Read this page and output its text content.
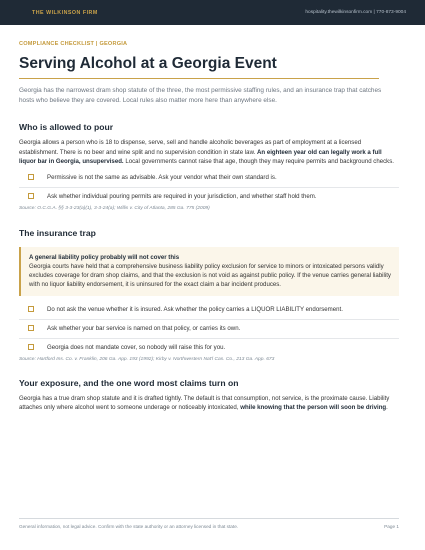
THE WILKINSON FIRM	hospitality.thewilkinsonfirm.com | 770-873-9004
COMPLIANCE CHECKLIST | GEORGIA
Serving Alcohol at a Georgia Event

Georgia has the narrowest dram shop statute of the three, the most permissive staffing rules, and an insurance trap that catches hosts who believe they are covered. Local rules also matter more here than anywhere else.

Who is allowed to pour

Georgia allows a person who is 18 to dispense, serve, sell and handle alcoholic beverages as part of employment at a licensed establishment. There is no beer and wine split and no supervision condition in state law. An eighteen year old can legally work a full liquor bar in Georgia, unsupervised. Local governments cannot raise that age, though they may require permits and background checks.

Permissive is not the same as advisable. Ask your vendor what their own standard is.
Ask whether individual pouring permits are required in your jurisdiction, and whether staff hold them.
Source: O.C.G.A. §§ 3-3-23(a)(1), 3-3-24(a); Willis v. City of Atlanta, 285 Ga. 775 (2009)
The insurance trap
A general liability policy probably will not cover this
Georgia courts have held that a comprehensive business liability policy exclusion for service to minors or intoxicated persons validly excludes coverage for dram shop claims, and that the exclusion is not void as against public policy. If the venue carries general liability with no liquor liability endorsement, it is uninsured for the exact claim a bar incident produces.
Do not ask the venue whether it is insured. Ask whether the policy carries a LIQUOR LIABILITY endorsement.
Ask whether your bar service is named on that policy, or carries its own.
Georgia does not mandate cover, so nobody will raise this for you.
Source: Hartford Ins. Co. v. Franklin, 206 Ga. App. 193 (1992); Kirby v. Northwestern Nat'l Cas. Co., 213 Ga. App. 673
Your exposure, and the one word most claims turn on

Georgia has a true dram shop statute and it is drafted tightly. The default is that consumption, not service, is the proximate cause. Liability attaches only where alcohol went to someone underage or noticeably intoxicated, while knowing that the person will soon be driving.

General information, not legal advice. Confirm with the state authority or an attorney licensed in that state.	Page 1
